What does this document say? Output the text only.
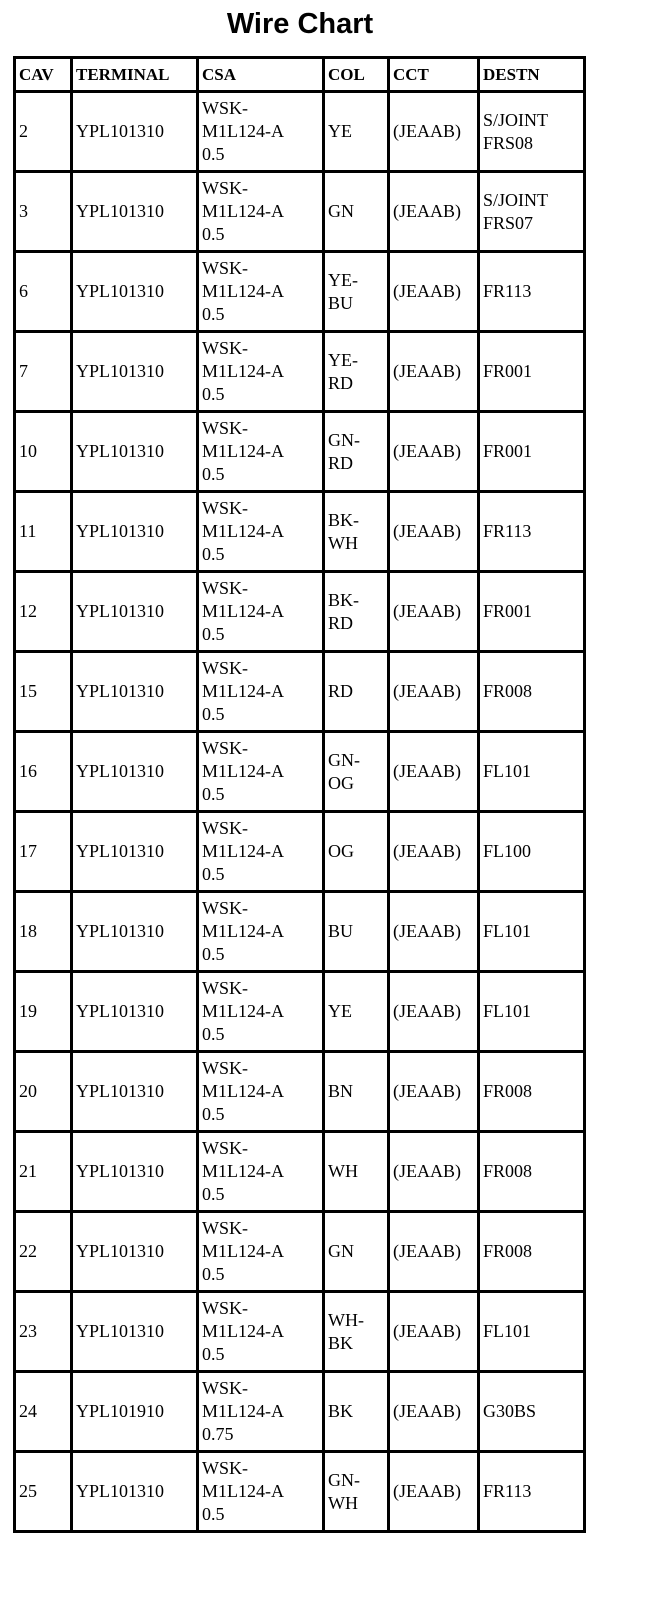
Wire Chart
CAV	TERMINAL	CSA	COL	CCT	DESTN
2	YPL101310	WSK-
M1L124-A
0.5	YE	(JEAAB)	S/JOINT
FRS08

3	YPL101310	WSK-
M1L124-A
0.5	GN	(JEAAB)	S/JOINT
FRS07

6	YPL101310	WSK-
M1L124-A
0.5	YE-
BU	(JEAAB)	FR113

7	YPL101310	WSK-
M1L124-A
0.5	YE-
RD	(JEAAB)	FR001

10	YPL101310	WSK-
M1L124-A
0.5	GN-
RD	(JEAAB)	FR001

11	YPL101310	WSK-
M1L124-A
0.5	BK-
WH	(JEAAB)	FR113

12	YPL101310	WSK-
M1L124-A
0.5	BK-
RD	(JEAAB)	FR001

15	YPL101310	WSK-
M1L124-A
0.5	RD	(JEAAB)	FR008

16	YPL101310	WSK-
M1L124-A
0.5	GN-
OG	(JEAAB)	FL101

17	YPL101310	WSK-
M1L124-A
0.5	OG	(JEAAB)	FL100

18	YPL101310	WSK-
M1L124-A
0.5	BU	(JEAAB)	FL101

19	YPL101310	WSK-
M1L124-A
0.5	YE	(JEAAB)	FL101

20	YPL101310	WSK-
M1L124-A
0.5	BN	(JEAAB)	FR008

21	YPL101310	WSK-
M1L124-A
0.5	WH	(JEAAB)	FR008

22	YPL101310	WSK-
M1L124-A
0.5	GN	(JEAAB)	FR008

23	YPL101310	WSK-
M1L124-A
0.5	WH-
BK	(JEAAB)	FL101

24	YPL101910	WSK-
M1L124-A
0.75	BK	(JEAAB)	G30BS

25	YPL101310	WSK-
M1L124-A
0.5	GN-
WH	(JEAAB)	FR113
